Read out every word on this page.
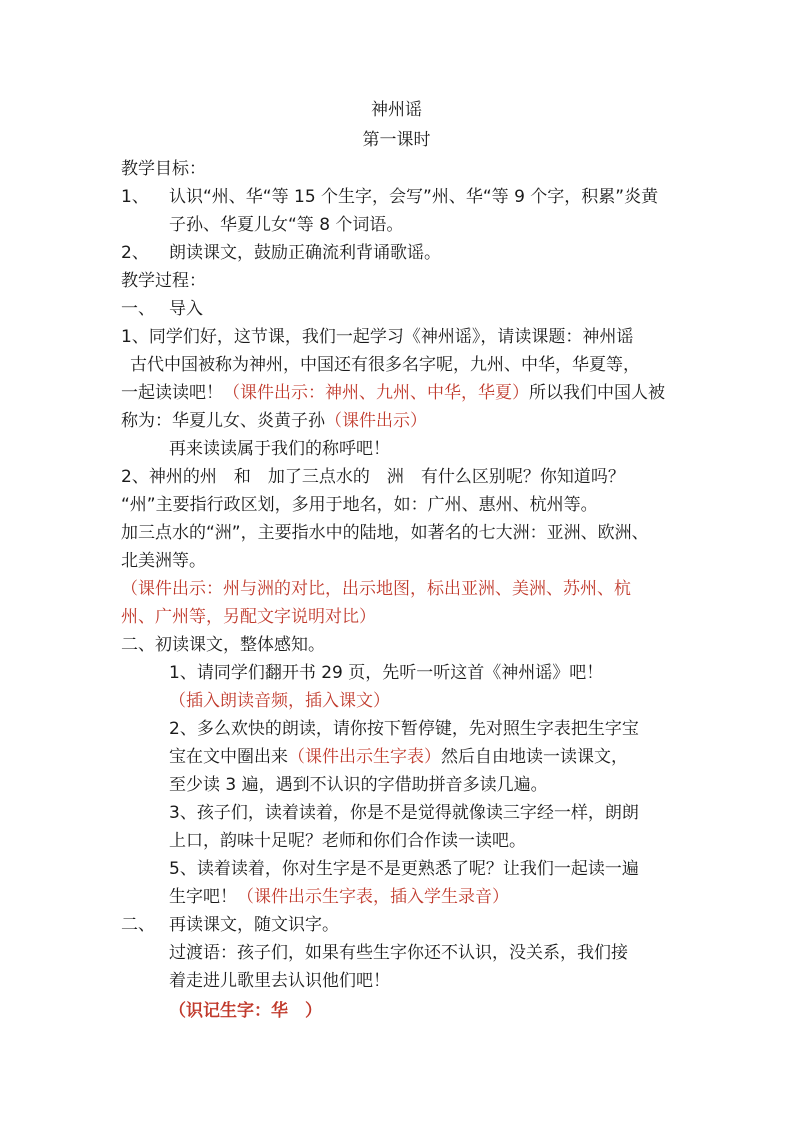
神州谣
第一课时
教学目标：
1、 认识“州、华“等 15 个生字，会写”州、华“等 9 个字，积累”炎黄
子孙、华夏儿女“等 8 个词语。
2、 朗读课文，鼓励正确流利背诵歌谣。
教学过程：
一、 导入
1、同学们好，这节课，我们一起学习《神州谣》，请读课题：神州谣
古代中国被称为神州，中国还有很多名字呢，九州、中华，华夏等，
一起读读吧！（课件出示：神州、九州、中华，华夏）所以我们中国人被
称为：华夏儿女、炎黄子孙（课件出示）
再来读读属于我们的称呼吧！
2、神州的州　和　加了三点水的　洲　有什么区别呢？你知道吗？
“州”主要指行政区划，多用于地名，如：广州、惠州、杭州等。
加三点水的“洲”，主要指水中的陆地，如著名的七大洲：亚洲、欧洲、
北美洲等。
（课件出示：州与洲的对比，出示地图，标出亚洲、美洲、苏州、杭
州、广州等，另配文字说明对比）
二、初读课文，整体感知。
1、请同学们翻开书 29 页，先听一听这首《神州谣》吧！
（插入朗读音频，插入课文）
2、多么欢快的朗读，请你按下暂停键，先对照生字表把生字宝
宝在文中圈出来（课件出示生字表）然后自由地读一读课文，
至少读 3 遍，遇到不认识的字借助拼音多读几遍。
3、孩子们，读着读着，你是不是觉得就像读三字经一样，朗朗
上口，韵味十足呢？老师和你们合作读一读吧。
5、读着读着，你对生字是不是更熟悉了呢？让我们一起读一遍
生字吧！（课件出示生字表，插入学生录音）
二、 再读课文，随文识字。
过渡语：孩子们，如果有些生字你还不认识，没关系，我们接
着走进儿歌里去认识他们吧！
（识记生字：华　）
